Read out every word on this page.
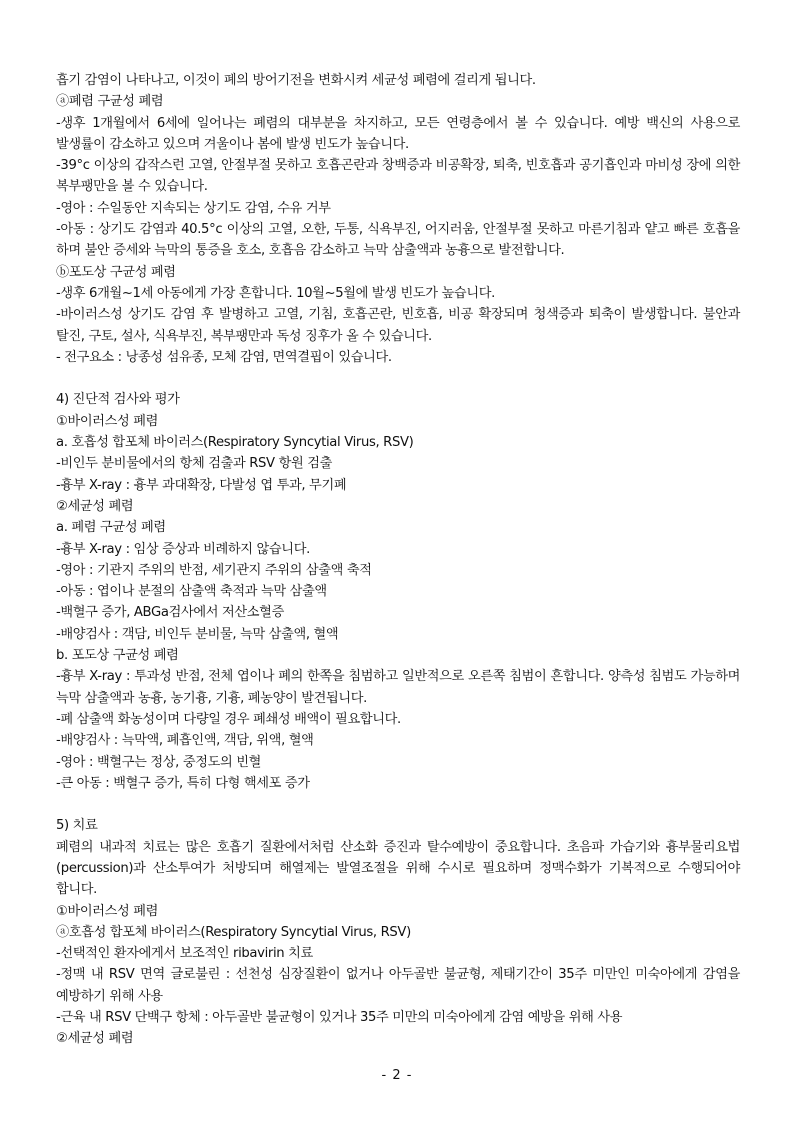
흡기 감염이 나타나고, 이것이 폐의 방어기전을 변화시켜 세균성 폐렴에 걸리게 됩니다.

ⓐ폐렴 구균성 폐렴

-생후 1개월에서 6세에 일어나는 폐렴의 대부분을 차지하고, 모든 연령층에서 볼 수 있습니다. 예방 백신의 사용으로 발생률이 감소하고 있으며 겨울이나 봄에 발생 빈도가 높습니다.

-39°c 이상의 갑작스런 고열, 안절부절 못하고 호흡곤란과 창백증과 비공확장, 퇴축, 빈호흡과 공기흡인과 마비성 장에 의한 복부팽만을 볼 수 있습니다.

-영아 : 수일동안 지속되는 상기도 감염, 수유 거부

-아동 : 상기도 감염과 40.5°c 이상의 고열, 오한, 두통, 식욕부진, 어지러움, 안절부절 못하고 마른기침과 얕고 빠른 호흡을 하며 불안 증세와 늑막의 통증을 호소, 호흡음 감소하고 늑막 삼출액과 농흉으로 발전합니다.

ⓑ포도상 구균성 폐렴

-생후 6개월~1세 아동에게 가장 흔합니다. 10월~5월에 발생 빈도가 높습니다.

-바이러스성 상기도 감염 후 발병하고 고열, 기침, 호흡곤란, 빈호흡, 비공 확장되며 청색증과 퇴축이 발생합니다. 불안과 탈진, 구토, 설사, 식욕부진, 복부팽만과 독성 징후가 올 수 있습니다.

- 전구요소 : 낭종성 섬유종, 모체 감염, 면역결핍이 있습니다.

4) 진단적 검사와 평가

①바이러스성 폐렴

a. 호흡성 합포체 바이러스(Respiratory Syncytial Virus, RSV)

-비인두 분비물에서의 항체 검출과 RSV 항원 검출

-흉부 X-ray : 흉부 과대확장, 다발성 엽 투과, 무기폐

②세균성 폐렴

a. 폐렴 구균성 폐렴

-흉부 X-ray : 임상 증상과 비례하지 않습니다.

-영아 : 기관지 주위의 반점, 세기관지 주위의 삼출액 축적

-아동 : 엽이나 분절의 삼출액 축적과 늑막 삼출액

-백혈구 증가, ABGa검사에서 저산소혈증

-배양검사 : 객담, 비인두 분비물, 늑막 삼출액, 혈액

b. 포도상 구균성 폐렴

-흉부 X-ray : 투과성 반점, 전체 엽이나 폐의 한쪽을 침범하고 일반적으로 오른쪽 침범이 흔합니다. 양측성 침범도 가능하며 늑막 삼출액과 농흉, 농기흉, 기흉, 폐농양이 발견됩니다.

-폐 삼출액 화농성이며 다량일 경우 폐쇄성 배액이 필요합니다.

-배양검사 : 늑막액, 폐흡인액, 객담, 위액, 혈액

-영아 : 백혈구는 정상, 중정도의 빈혈

-큰 아동 : 백혈구 증가, 특히 다형 핵세포 증가

5) 치료

폐렴의 내과적 치료는 많은 호흡기 질환에서처럼 산소화 증진과 탈수예방이 중요합니다. 초음파 가습기와 흉부물리요법(percussion)과 산소투여가 처방되며 해열제는 발열조절을 위해 수시로 필요하며 정맥수화가 기복적으로 수행되어야 합니다.

①바이러스성 폐렴

ⓐ호흡성 합포체 바이러스(Respiratory Syncytial Virus, RSV)

-선택적인 환자에게서 보조적인 ribavirin 치료

-정맥 내 RSV 면역 글로불린 : 선천성 심장질환이 없거나 아두골반 불균형, 제태기간이 35주 미만인 미숙아에게 감염을 예방하기 위해 사용

-근육 내 RSV 단백구 항체 : 아두골반 불균형이 있거나 35주 미만의 미숙아에게 감염 예방을 위해 사용

②세균성 폐렴

- 2 -
